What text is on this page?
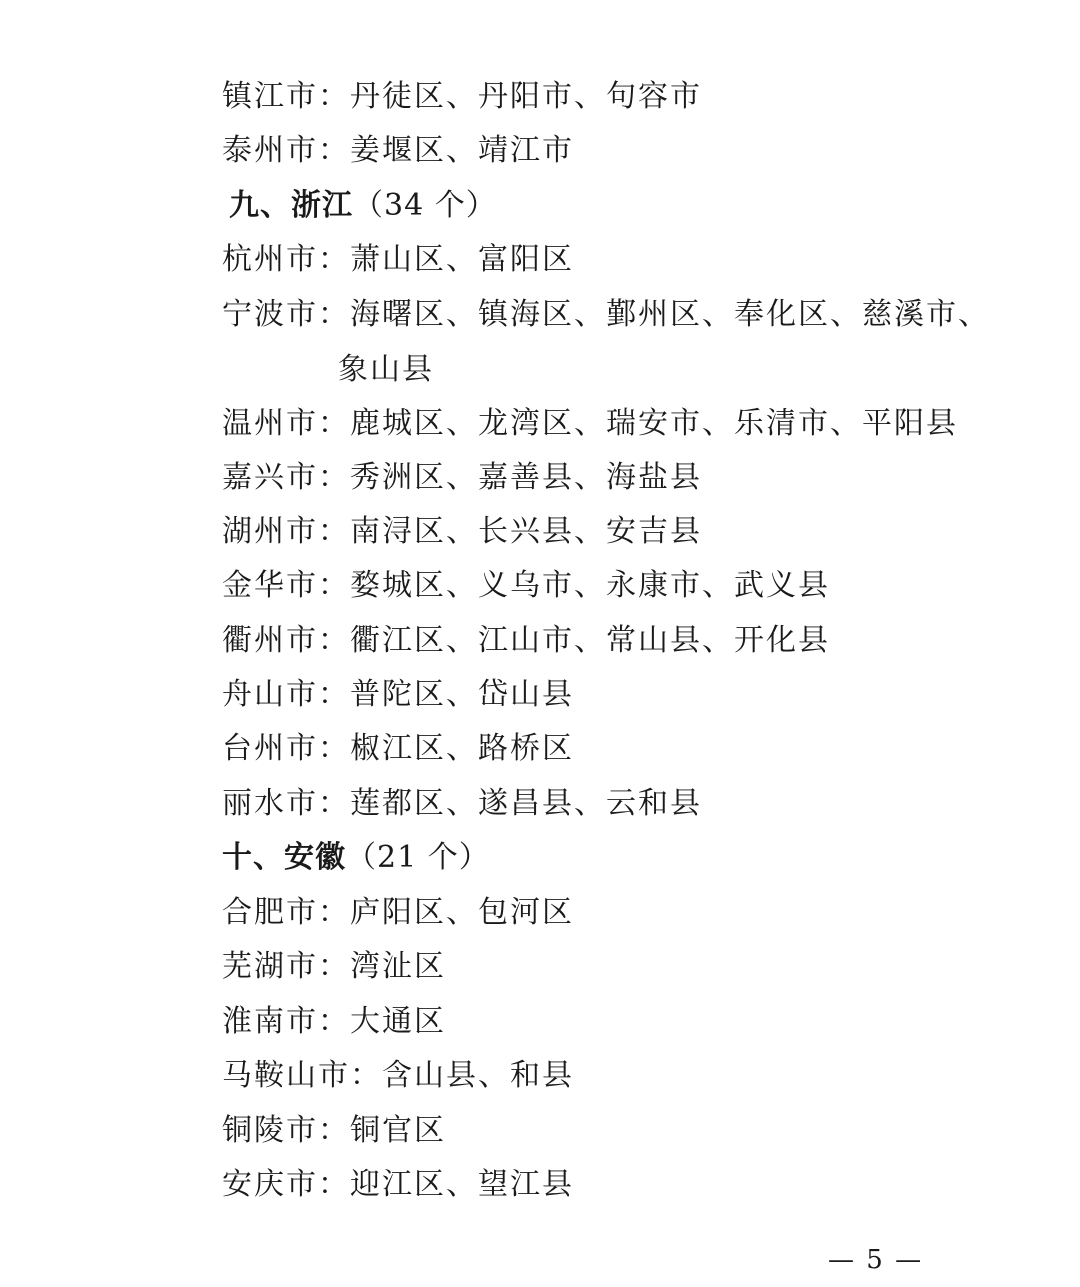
镇江市：丹徒区、丹阳市、句容市
泰州市：姜堰区、靖江市
九、浙江（34 个）
杭州市：萧山区、富阳区
宁波市：海曙区、镇海区、鄞州区、奉化区、慈溪市、
象山县
温州市：鹿城区、龙湾区、瑞安市、乐清市、平阳县
嘉兴市：秀洲区、嘉善县、海盐县
湖州市：南浔区、长兴县、安吉县
金华市：婺城区、义乌市、永康市、武义县
衢州市：衢江区、江山市、常山县、开化县
舟山市：普陀区、岱山县
台州市：椒江区、路桥区
丽水市：莲都区、遂昌县、云和县
十、安徽（21 个）
合肥市：庐阳区、包河区
芜湖市：湾沚区
淮南市：大通区
马鞍山市：含山县、和县
铜陵市：铜官区
安庆市：迎江区、望江县
— 5 —
